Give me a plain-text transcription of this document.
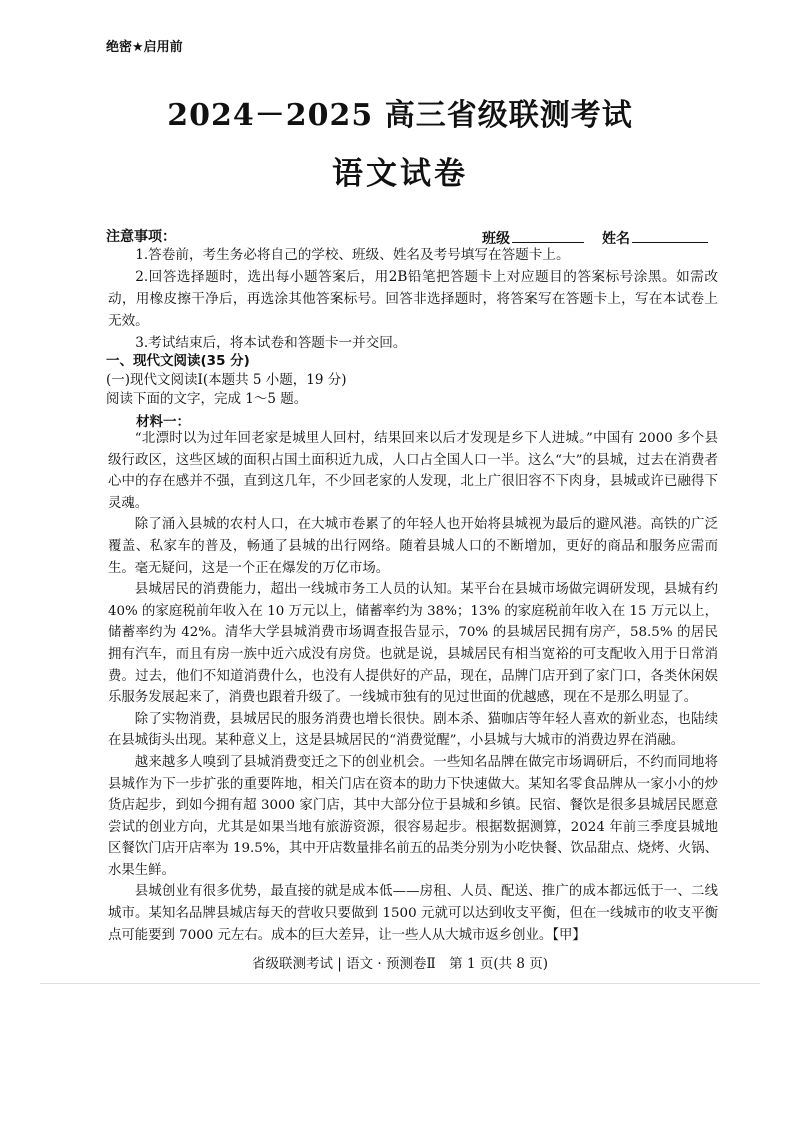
绝密★启用前
2024－2025 高三省级联测考试
语文试卷
班级	姓名
注意事项：

1.答卷前，考生务必将自己的学校、班级、姓名及考号填写在答题卡上。

2.回答选择题时，选出每小题答案后，用2B铅笔把答题卡上对应题目的答案标号涂黑。如需改动，用橡皮擦干净后，再选涂其他答案标号。回答非选择题时，将答案写在答题卡上，写在本试卷上无效。

3.考试结束后，将本试卷和答题卡一并交回。

一、现代文阅读(35 分)
(一)现代文阅读Ⅰ(本题共 5 小题，19 分)
阅读下面的文字，完成 1～5 题。
材料一：

“北漂时以为过年回老家是城里人回村，结果回来以后才发现是乡下人进城。”中国有 2000 多个县级行政区，这些区域的面积占国土面积近九成，人口占全国人口一半。这么“大”的县城，过去在消费者心中的存在感并不强，直到这几年，不少回老家的人发现，北上广很旧容不下肉身，县城或许已融得下灵魂。

除了涌入县城的农村人口，在大城市卷累了的年轻人也开始将县城视为最后的避风港。高铁的广泛覆盖、私家车的普及，畅通了县城的出行网络。随着县城人口的不断增加，更好的商品和服务应需而生。毫无疑问，这是一个正在爆发的万亿市场。

县城居民的消费能力，超出一线城市务工人员的认知。某平台在县城市场做完调研发现，县城有约 40% 的家庭税前年收入在 10 万元以上，储蓄率约为 38%；13% 的家庭税前年收入在 15 万元以上，储蓄率约为 42%。清华大学县城消费市场调查报告显示，70% 的县城居民拥有房产，58.5% 的居民拥有汽车，而且有房一族中近六成没有房贷。也就是说，县城居民有相当宽裕的可支配收入用于日常消费。过去，他们不知道消费什么，也没有人提供好的产品，现在，品牌门店开到了家门口，各类休闲娱乐服务发展起来了，消费也跟着升级了。一线城市独有的见过世面的优越感，现在不是那么明显了。

除了实物消费，县城居民的服务消费也增长很快。剧本杀、猫咖店等年轻人喜欢的新业态，也陆续在县城街头出现。某种意义上，这是县城居民的“消费觉醒”，小县城与大城市的消费边界在消融。

越来越多人嗅到了县城消费变迁之下的创业机会。一些知名品牌在做完市场调研后，不约而同地将县城作为下一步扩张的重要阵地，相关门店在资本的助力下快速做大。某知名零食品牌从一家小小的炒货店起步，到如今拥有超 3000 家门店，其中大部分位于县城和乡镇。民宿、餐饮是很多县城居民愿意尝试的创业方向，尤其是如果当地有旅游资源，很容易起步。根据数据测算，2024 年前三季度县城地区餐饮门店开店率为 19.5%，其中开店数量排名前五的品类分别为小吃快餐、饮品甜点、烧烤、火锅、水果生鲜。

县城创业有很多优势，最直接的就是成本低——房租、人员、配送、推广的成本都远低于一、二线城市。某知名品牌县城店每天的营收只要做到 1500 元就可以达到收支平衡，但在一线城市的收支平衡点可能要到 7000 元左右。成本的巨大差异，让一些人从大城市返乡创业。【甲】

省级联测考试 | 语文 · 预测卷Ⅱ　第 1 页(共 8 页)
